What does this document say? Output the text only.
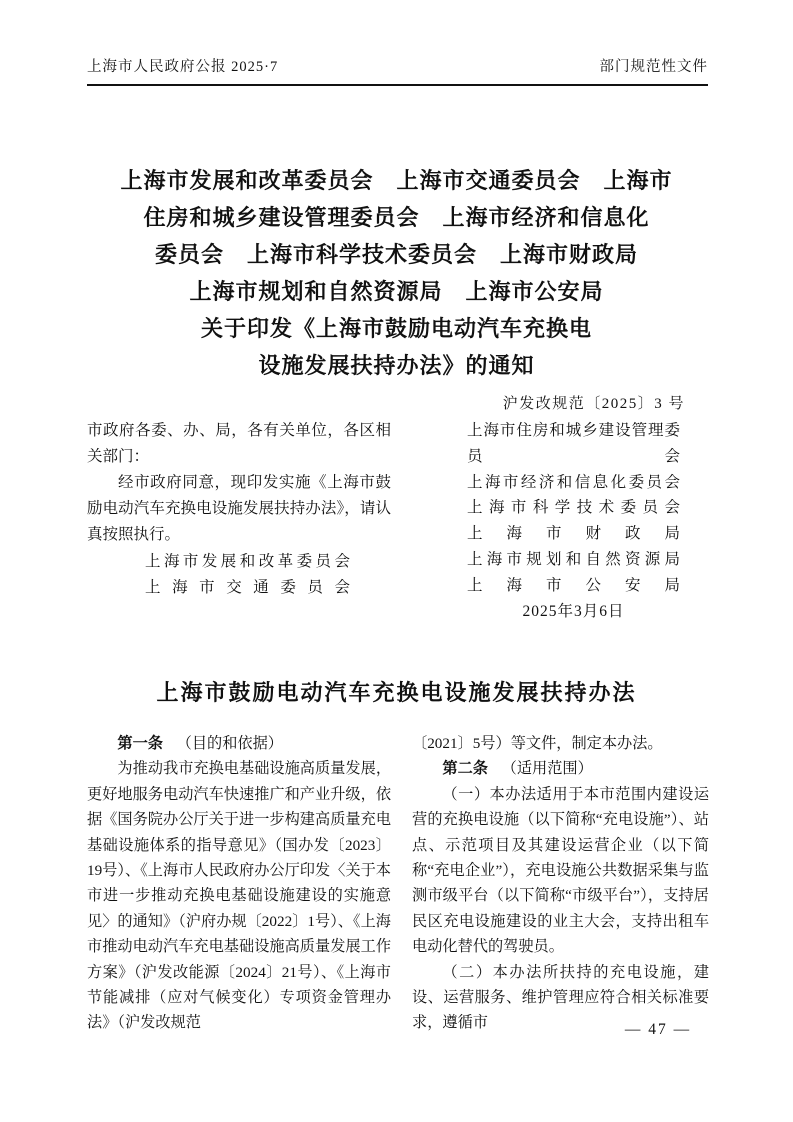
上海市人民政府公报 2025·7	部门规范性文件
上海市发展和改革委员会　上海市交通委员会　上海市
住房和城乡建设管理委员会　上海市经济和信息化
委员会　上海市科学技术委员会　上海市财政局
上海市规划和自然资源局　上海市公安局
关于印发《上海市鼓励电动汽车充换电
设施发展扶持办法》的通知
沪发改规范〔2025〕3 号

市政府各委、办、局，各有关单位，各区相关部门：

经市政府同意，现印发实施《上海市鼓励电动汽车充换电设施发展扶持办法》，请认真按照执行。

上海市发展和改革委员会
上海市交通委员会
上海市住房和城乡建设管理委员会
上海市经济和信息化委员会
上海市科学技术委员会
上海市财政局
上海市规划和自然资源局
上海市公安局
2025年3月6日
上海市鼓励电动汽车充换电设施发展扶持办法

第一条 （目的和依据）

为推动我市充换电基础设施高质量发展，更好地服务电动汽车快速推广和产业升级，依据《国务院办公厅关于进一步构建高质量充电基础设施体系的指导意见》（国办发〔2023〕19号）、《上海市人民政府办公厅印发〈关于本市进一步推动充换电基础设施建设的实施意见〉的通知》（沪府办规〔2022〕1号）、《上海市推动电动汽车充电基础设施高质量发展工作方案》（沪发改能源〔2024〕21号）、《上海市节能减排（应对气候变化）专项资金管理办法》（沪发改规范

〔2021〕5号）等文件，制定本办法。

第二条 （适用范围）

（一）本办法适用于本市范围内建设运营的充换电设施（以下简称“充电设施”）、站点、示范项目及其建设运营企业（以下简称“充电企业”），充电设施公共数据采集与监测市级平台（以下简称“市级平台”），支持居民区充电设施建设的业主大会，支持出租车电动化替代的驾驶员。

（二）本办法所扶持的充电设施，建设、运营服务、维护管理应符合相关标准要求，遵循市	— 47 —
